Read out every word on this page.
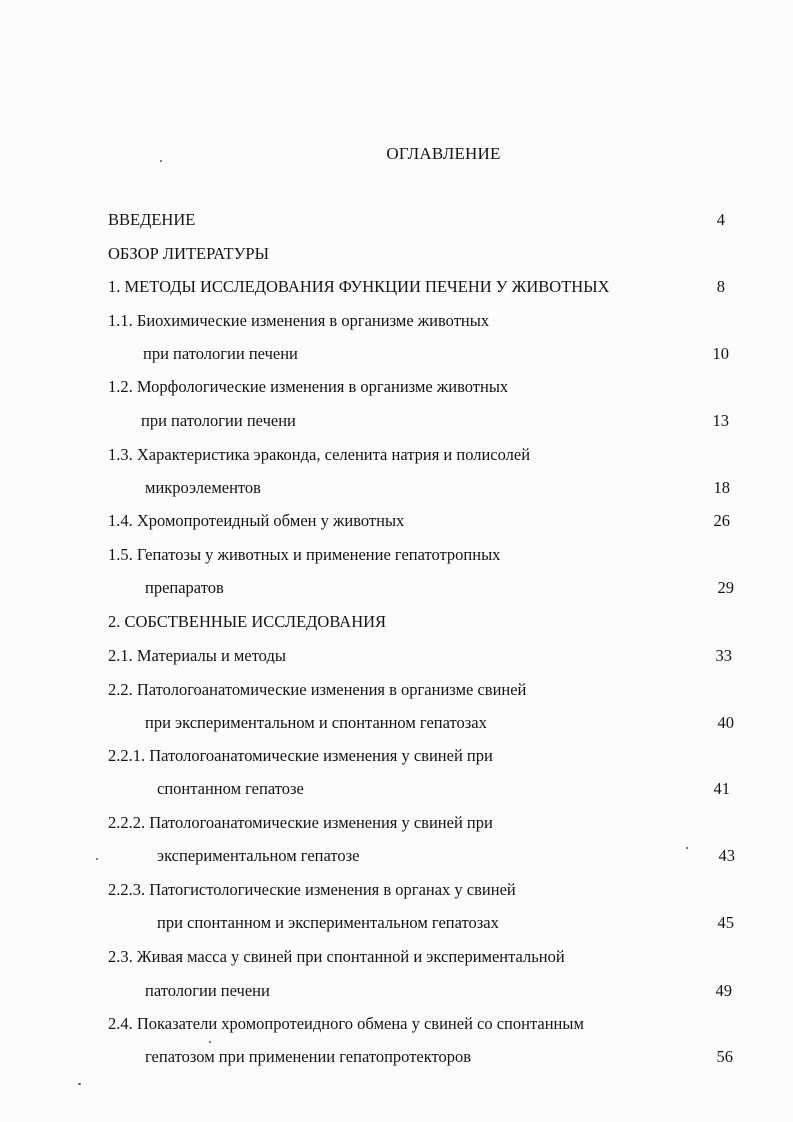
ОГЛАВЛЕНИЕ
ВВЕДЕНИЕ	4
ОБЗОР ЛИТЕРАТУРЫ
1. МЕТОДЫ ИССЛЕДОВАНИЯ ФУНКЦИИ ПЕЧЕНИ У ЖИВОТНЫХ	8
1.1. Биохимические изменения в организме животных
при патологии печени	10
1.2. Морфологические изменения в организме животных
при патологии печени	13
1.3. Характеристика эраконда, селенита натрия и полисолей
микроэлементов	18
1.4. Хромопротеидный обмен у животных	26
1.5. Гепатозы у животных и применение гепатотропных
препаратов	29
2. СОБСТВЕННЫЕ ИССЛЕДОВАНИЯ
2.1. Материалы и методы	33
2.2. Патологоанатомические изменения в организме свиней
при экспериментальном и спонтанном гепатозах	40
2.2.1. Патологоанатомические изменения у свиней при
спонтанном гепатозе	41
2.2.2. Патологоанатомические изменения у свиней при
экспериментальном гепатозе	43
2.2.3. Патогистологические изменения в органах у свиней
при спонтанном и экспериментальном гепатозах	45
2.3. Живая масса у свиней при спонтанной и экспериментальной
патологии печени	49
2.4. Показатели хромопротеидного обмена у свиней со спонтанным
гепатозом при применении гепатопротекторов	56
